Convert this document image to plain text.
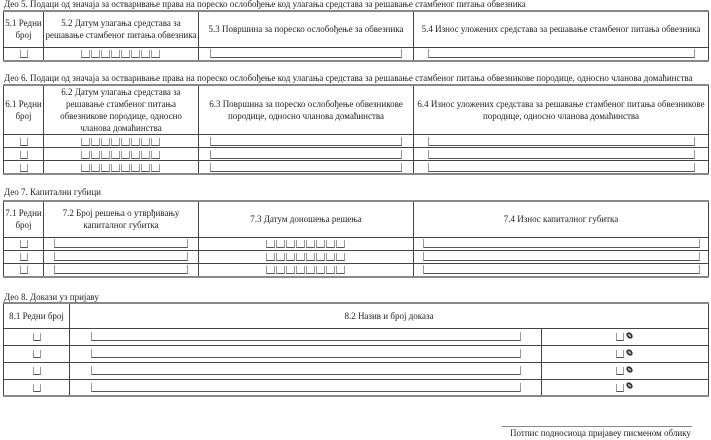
Део 5. Подаци од значаја за остваривање права на пореско ослобођење код улагања средстава за решавање стамбеног питања обвезника
5.1 Редни број	5.2 Датум улагања средстава за решавање стамбеног питања обвезника	5.3 Површина за пореско ослобођење за обвезника	5.4 Износ уложених средстава за решавање стамбеног питања обвезника

Део 6. Подаци од значаја за остваривање права на пореско ослобођење код улагања средстава за решавање стамбеног питања обвезникове породице, односно чланова домаћинства
6.1 Редни број	6.2 Датум улагања средстава за решавање стамбеног питања обвезникове породице, односно чланова домаћинства	6.3 Површина за пореско ослобођење обвезникове породице, односно чланова домаћинства	6.4 Износ уложених средстава за решавање стамбеног питања обвезникове породице, односно чланова домаћинства

Део 7. Капитални губици
7.1 Редни број	7.2 Број решења о утврђивању капиталног губитка	7.3 Датум доношења решења	7.4 Износ капиталног губитка

Део 8. Докази уз пријаву
8.1 Редни број	8.2 Назив и број доказа	

Потпис подносиоца пријавеу писменом облику
